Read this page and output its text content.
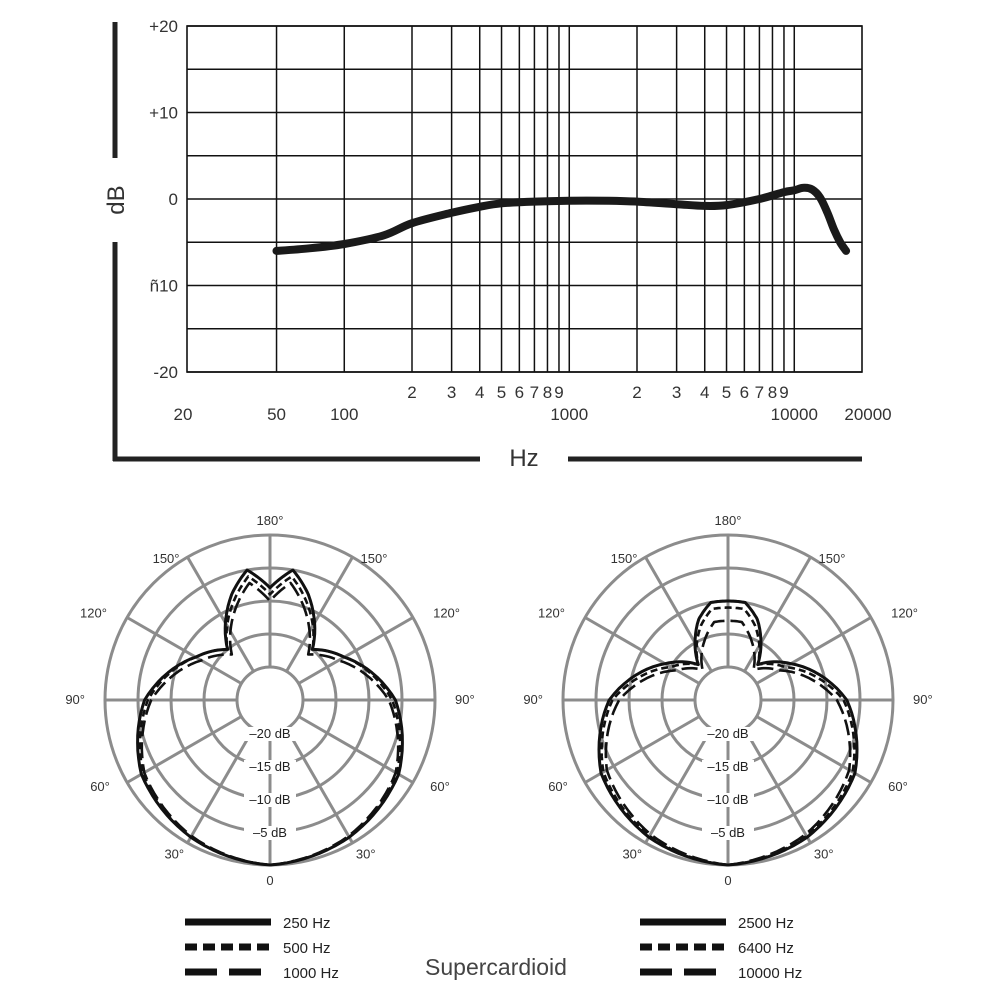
dB
Hz
+20
+10
0
ñ10
-20
20	50	100
2 3 4 5 6 7 8 9
1000
2 3 4 5 6 7 8 9
10000 20000
180°
150°	150°
120°	120°
90°	90°
60°	60°
30°	30°
0
–20 dB
–15 dB
–10 dB
–5 dB
180°
150°	150°
120°	120°
90°	90°
60°	60°
30°	30°
0
–20 dB
–15 dB
–10 dB
–5 dB
250 Hz
500 Hz
1000 Hz
2500 Hz
6400 Hz
10000 Hz
Supercardioid
